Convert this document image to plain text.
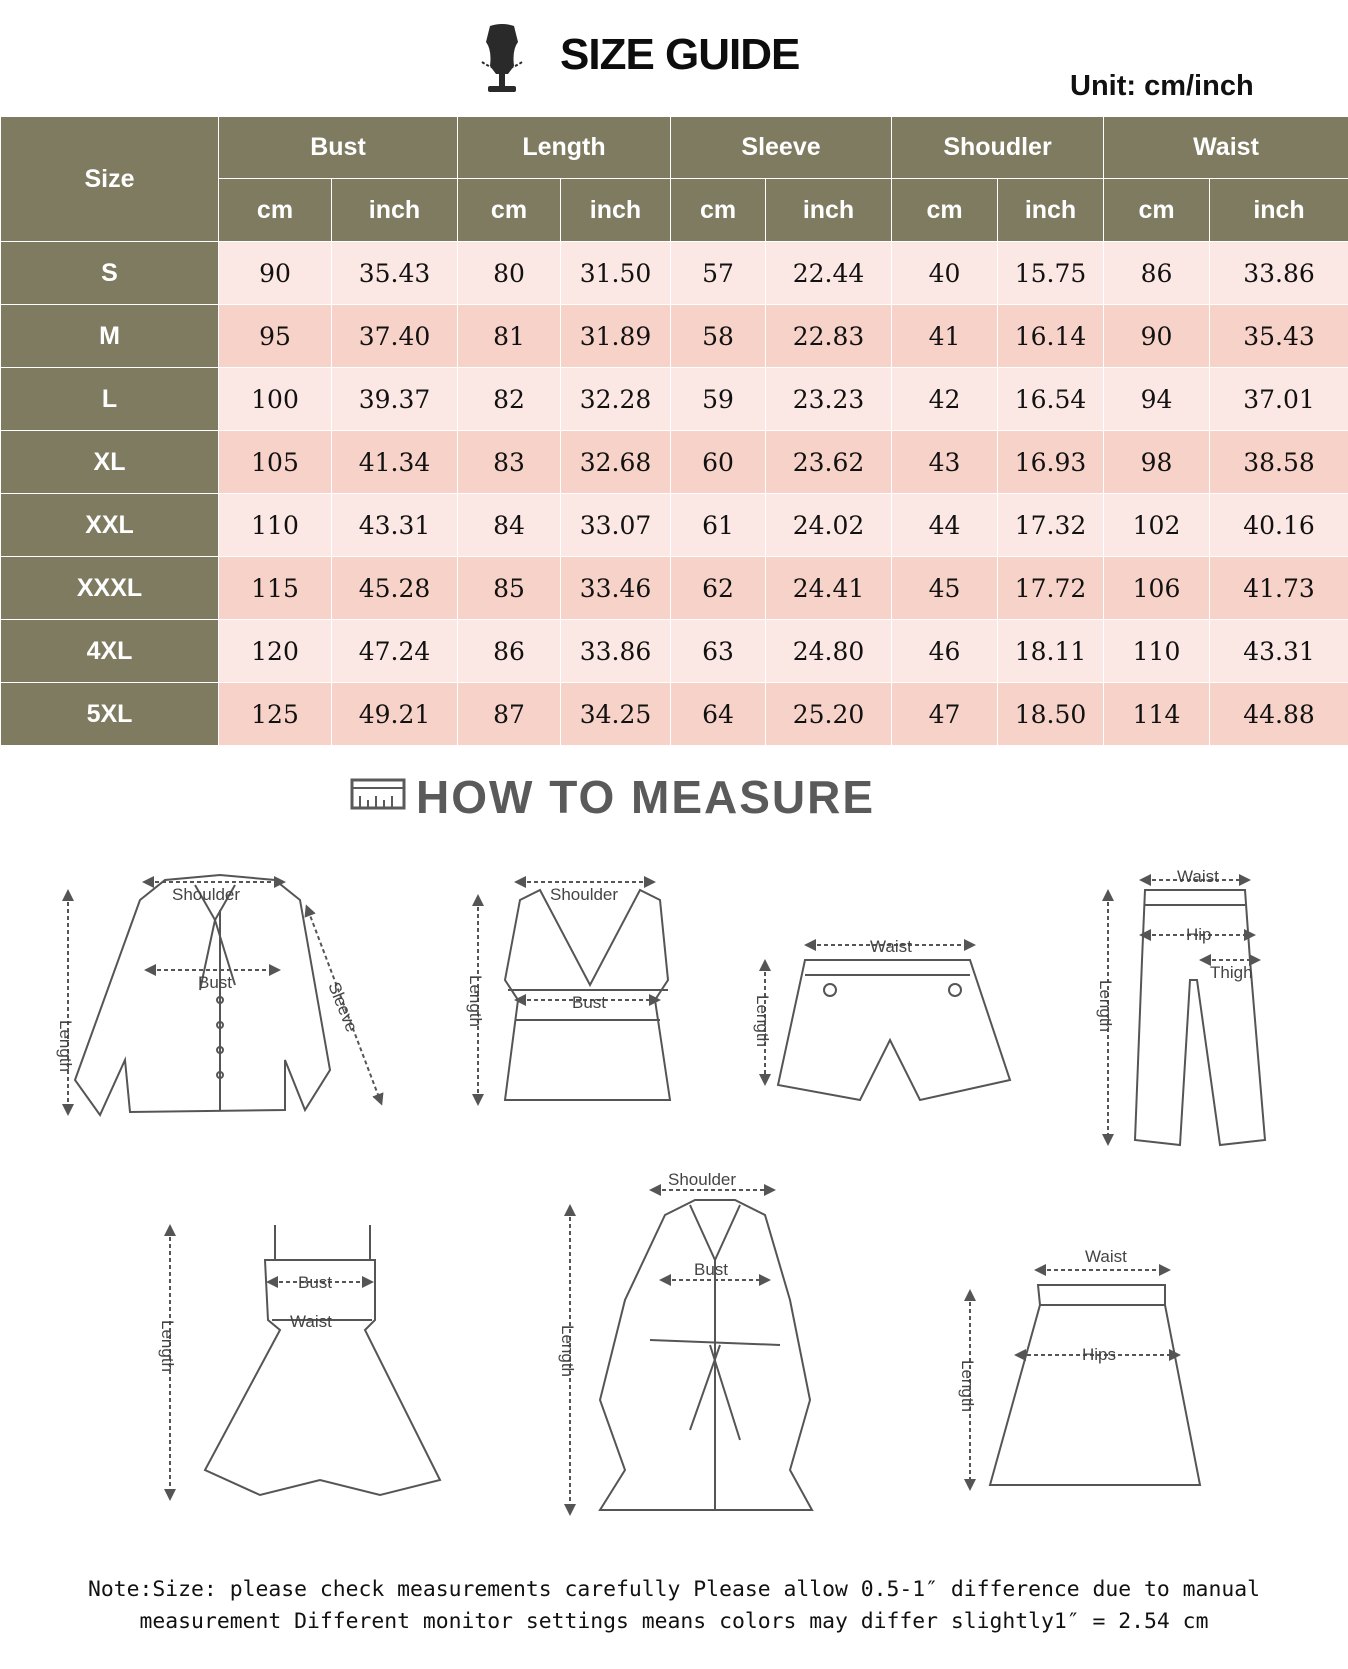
SIZE GUIDE
Unit: cm/inch
Size	Bust		Length		Sleeve		Shoudler		Waist	
	cm	inch	cm	inch	cm	inch	cm	inch	cm	inch
S	90	35.43	80	31.50	57	22.44	40	15.75	86	33.86
M	95	37.40	81	31.89	58	22.83	41	16.14	90	35.43
L	100	39.37	82	32.28	59	23.23	42	16.54	94	37.01
XL	105	41.34	83	32.68	60	23.62	43	16.93	98	38.58
XXL	110	43.31	84	33.07	61	24.02	44	17.32	102	40.16
XXXL	115	45.28	85	33.46	62	24.41	45	17.72	106	41.73
4XL	120	47.24	86	33.86	63	24.80	46	18.11	110	43.31
5XL	125	49.21	87	34.25	64	25.20	47	18.50	114	44.88
HOW TO MEASURE
Shoulder
Bust
Length
Sleeve
Shoulder
Bust
Length
Waist
Length
Waist
Hip
Thigh
Length
Bust
Waist
Length
Shoulder
Bust
Length
Waist
Hips
Length
Note:Size: please check measurements carefully Please allow 0.5-1″ difference due to manual
measurement Different monitor settings means colors may differ slightly1″ = 2.54 cm
